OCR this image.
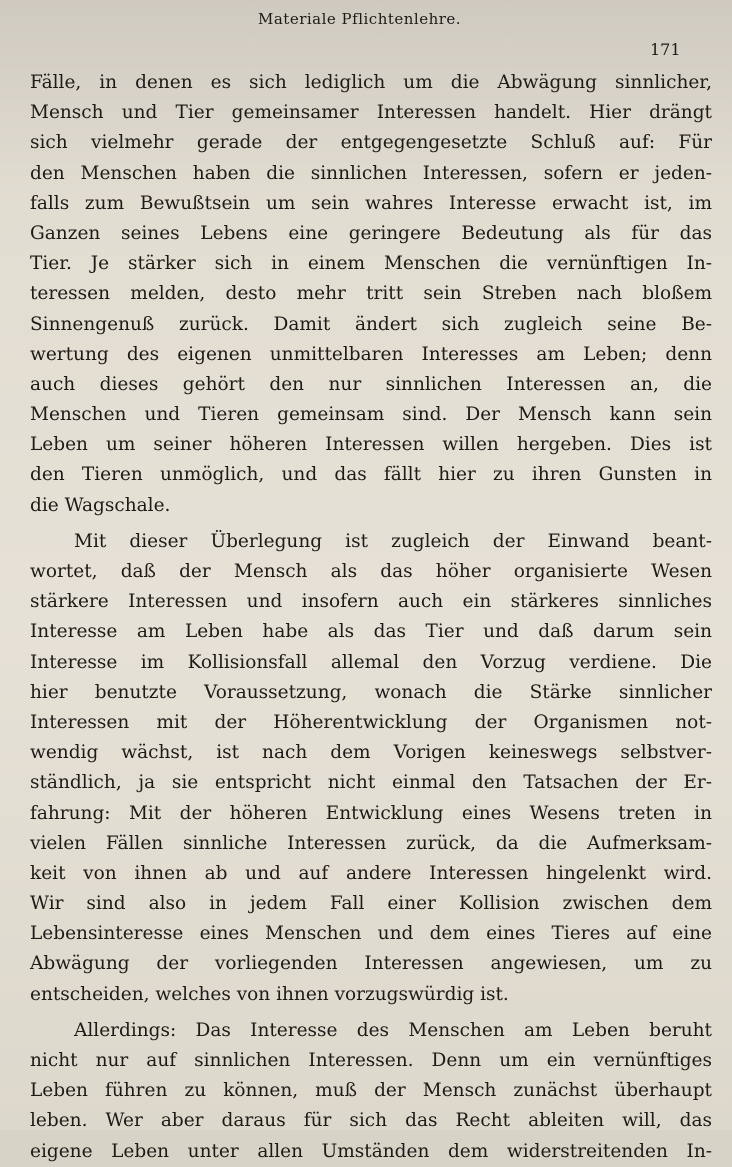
Materiale Pflichtenlehre.
171
Fälle, in denen es sich lediglich um die Abwägung sinnlicher,
Mensch und Tier gemeinsamer Interessen handelt. Hier drängt
sich vielmehr gerade der entgegengesetzte Schluß auf: Für
den Menschen haben die sinnlichen Interessen, sofern er jeden-
falls zum Bewußtsein um sein wahres Interesse erwacht ist, im
Ganzen seines Lebens eine geringere Bedeutung als für das
Tier. Je stärker sich in einem Menschen die vernünftigen In-
teressen melden, desto mehr tritt sein Streben nach bloßem
Sinnengenuß zurück. Damit ändert sich zugleich seine Be-
wertung des eigenen unmittelbaren Interesses am Leben; denn
auch dieses gehört den nur sinnlichen Interessen an, die
Menschen und Tieren gemeinsam sind. Der Mensch kann sein
Leben um seiner höheren Interessen willen hergeben. Dies ist
den Tieren unmöglich, und das fällt hier zu ihren Gunsten in
die Wagschale.
Mit dieser Überlegung ist zugleich der Einwand beant-
wortet, daß der Mensch als das höher organisierte Wesen
stärkere Interessen und insofern auch ein stärkeres sinnliches
Interesse am Leben habe als das Tier und daß darum sein
Interesse im Kollisionsfall allemal den Vorzug verdiene. Die
hier benutzte Voraussetzung, wonach die Stärke sinnlicher
Interessen mit der Höherentwicklung der Organismen not-
wendig wächst, ist nach dem Vorigen keineswegs selbstver-
ständlich, ja sie entspricht nicht einmal den Tatsachen der Er-
fahrung: Mit der höheren Entwicklung eines Wesens treten in
vielen Fällen sinnliche Interessen zurück, da die Aufmerksam-
keit von ihnen ab und auf andere Interessen hingelenkt wird.
Wir sind also in jedem Fall einer Kollision zwischen dem
Lebensinteresse eines Menschen und dem eines Tieres auf eine
Abwägung der vorliegenden Interessen angewiesen, um zu
entscheiden, welches von ihnen vorzugswürdig ist.
Allerdings: Das Interesse des Menschen am Leben beruht
nicht nur auf sinnlichen Interessen. Denn um ein vernünftiges
Leben führen zu können, muß der Mensch zunächst überhaupt
leben. Wer aber daraus für sich das Recht ableiten will, das
eigene Leben unter allen Umständen dem widerstreitenden In-
